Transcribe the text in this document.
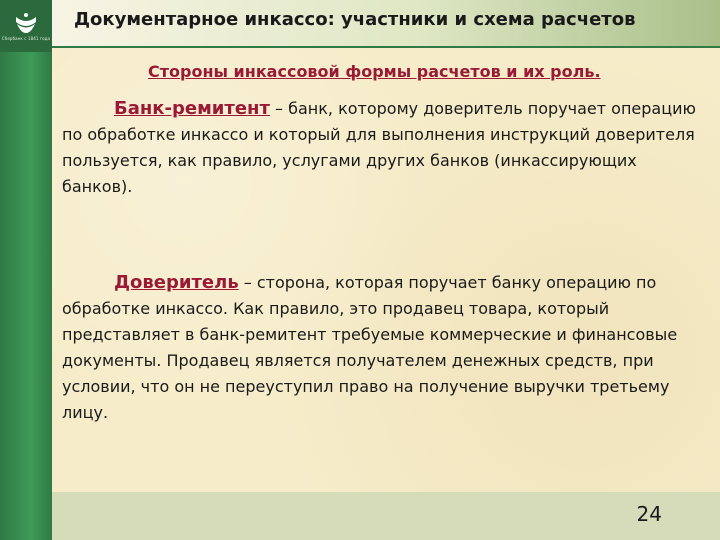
Сбербанк с 1841 года
Документарное инкассо: участники и схема расчетов
Стороны инкассовой формы расчетов и их роль.
Банк-ремитент – банк, которому доверитель поручает операцию по обработке инкассо и который для выполнения инструкций доверителя пользуется, как правило, услугами других банков (инкассирующих банков).
Доверитель – сторона, которая поручает банку операцию по обработке инкассо. Как правило, это продавец товара, который представляет в банк-ремитент требуемые коммерческие и финансовые документы. Продавец является получателем денежных средств, при условии, что он не переуступил право на получение выручки третьему лицу.
24
